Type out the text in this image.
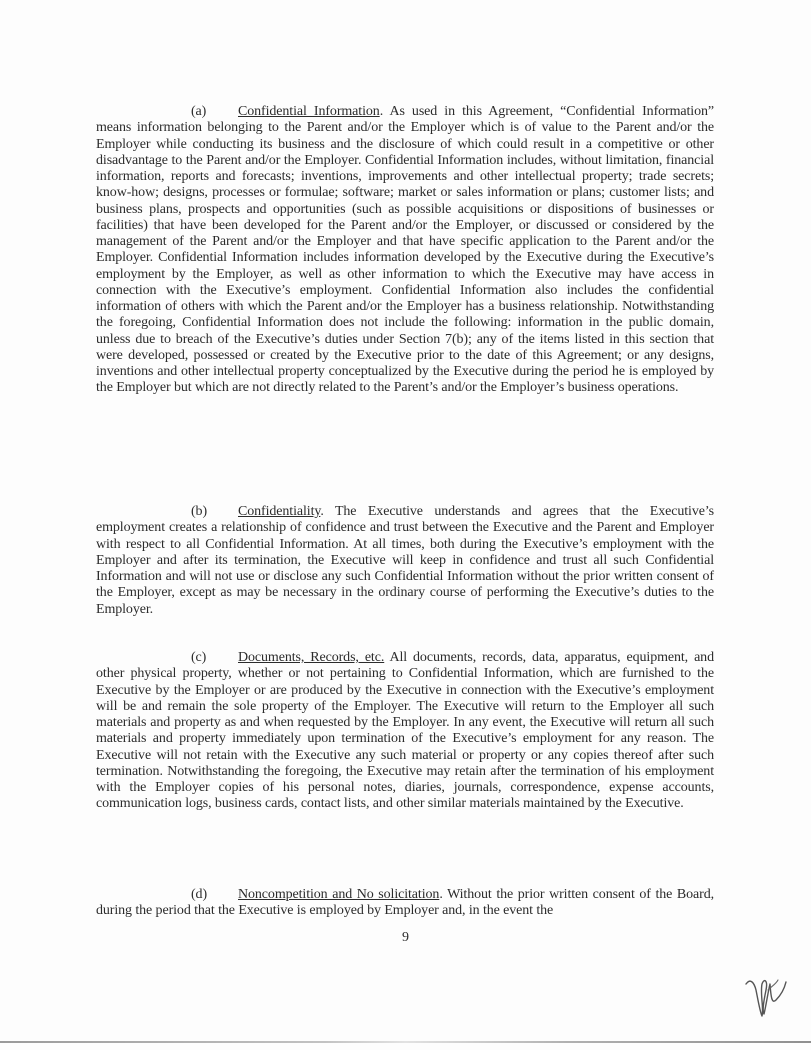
(a) Confidential Information. As used in this Agreement, “Confidential Information” means information belonging to the Parent and/or the Employer which is of value to the Parent and/or the Employer while conducting its business and the disclosure of which could result in a competitive or other disadvantage to the Parent and/or the Employer. Confidential Information includes, without limitation, financial information, reports and forecasts; inventions, improvements and other intellectual property; trade secrets; know-how; designs, processes or formulae; software; market or sales information or plans; customer lists; and business plans, prospects and opportunities (such as possible acquisitions or dispositions of businesses or facilities) that have been developed for the Parent and/or the Employer, or discussed or considered by the management of the Parent and/or the Employer and that have specific application to the Parent and/or the Employer. Confidential Information includes information developed by the Executive during the Executive’s employment by the Employer, as well as other information to which the Executive may have access in connection with the Executive’s employment. Confidential Information also includes the confidential information of others with which the Parent and/or the Employer has a business relationship. Notwithstanding the foregoing, Confidential Information does not include the following: information in the public domain, unless due to breach of the Executive’s duties under Section 7(b); any of the items listed in this section that were developed, possessed or created by the Executive prior to the date of this Agreement; or any designs, inventions and other intellectual property conceptualized by the Executive during the period he is employed by the Employer but which are not directly related to the Parent’s and/or the Employer’s business operations.
(b) Confidentiality. The Executive understands and agrees that the Executive’s employment creates a relationship of confidence and trust between the Executive and the Parent and Employer with respect to all Confidential Information. At all times, both during the Executive’s employment with the Employer and after its termination, the Executive will keep in confidence and trust all such Confidential Information and will not use or disclose any such Confidential Information without the prior written consent of the Employer, except as may be necessary in the ordinary course of performing the Executive’s duties to the Employer.
(c) Documents, Records, etc. All documents, records, data, apparatus, equipment, and other physical property, whether or not pertaining to Confidential Information, which are furnished to the Executive by the Employer or are produced by the Executive in connection with the Executive’s employment will be and remain the sole property of the Employer. The Executive will return to the Employer all such materials and property as and when requested by the Employer. In any event, the Executive will return all such materials and property immediately upon termination of the Executive’s employment for any reason. The Executive will not retain with the Executive any such material or property or any copies thereof after such termination. Notwithstanding the foregoing, the Executive may retain after the termination of his employment with the Employer copies of his personal notes, diaries, journals, correspondence, expense accounts, communication logs, business cards, contact lists, and other similar materials maintained by the Executive.
(d) Noncompetition and No solicitation. Without the prior written consent of the Board, during the period that the Executive is employed by Employer and, in the event the
9
